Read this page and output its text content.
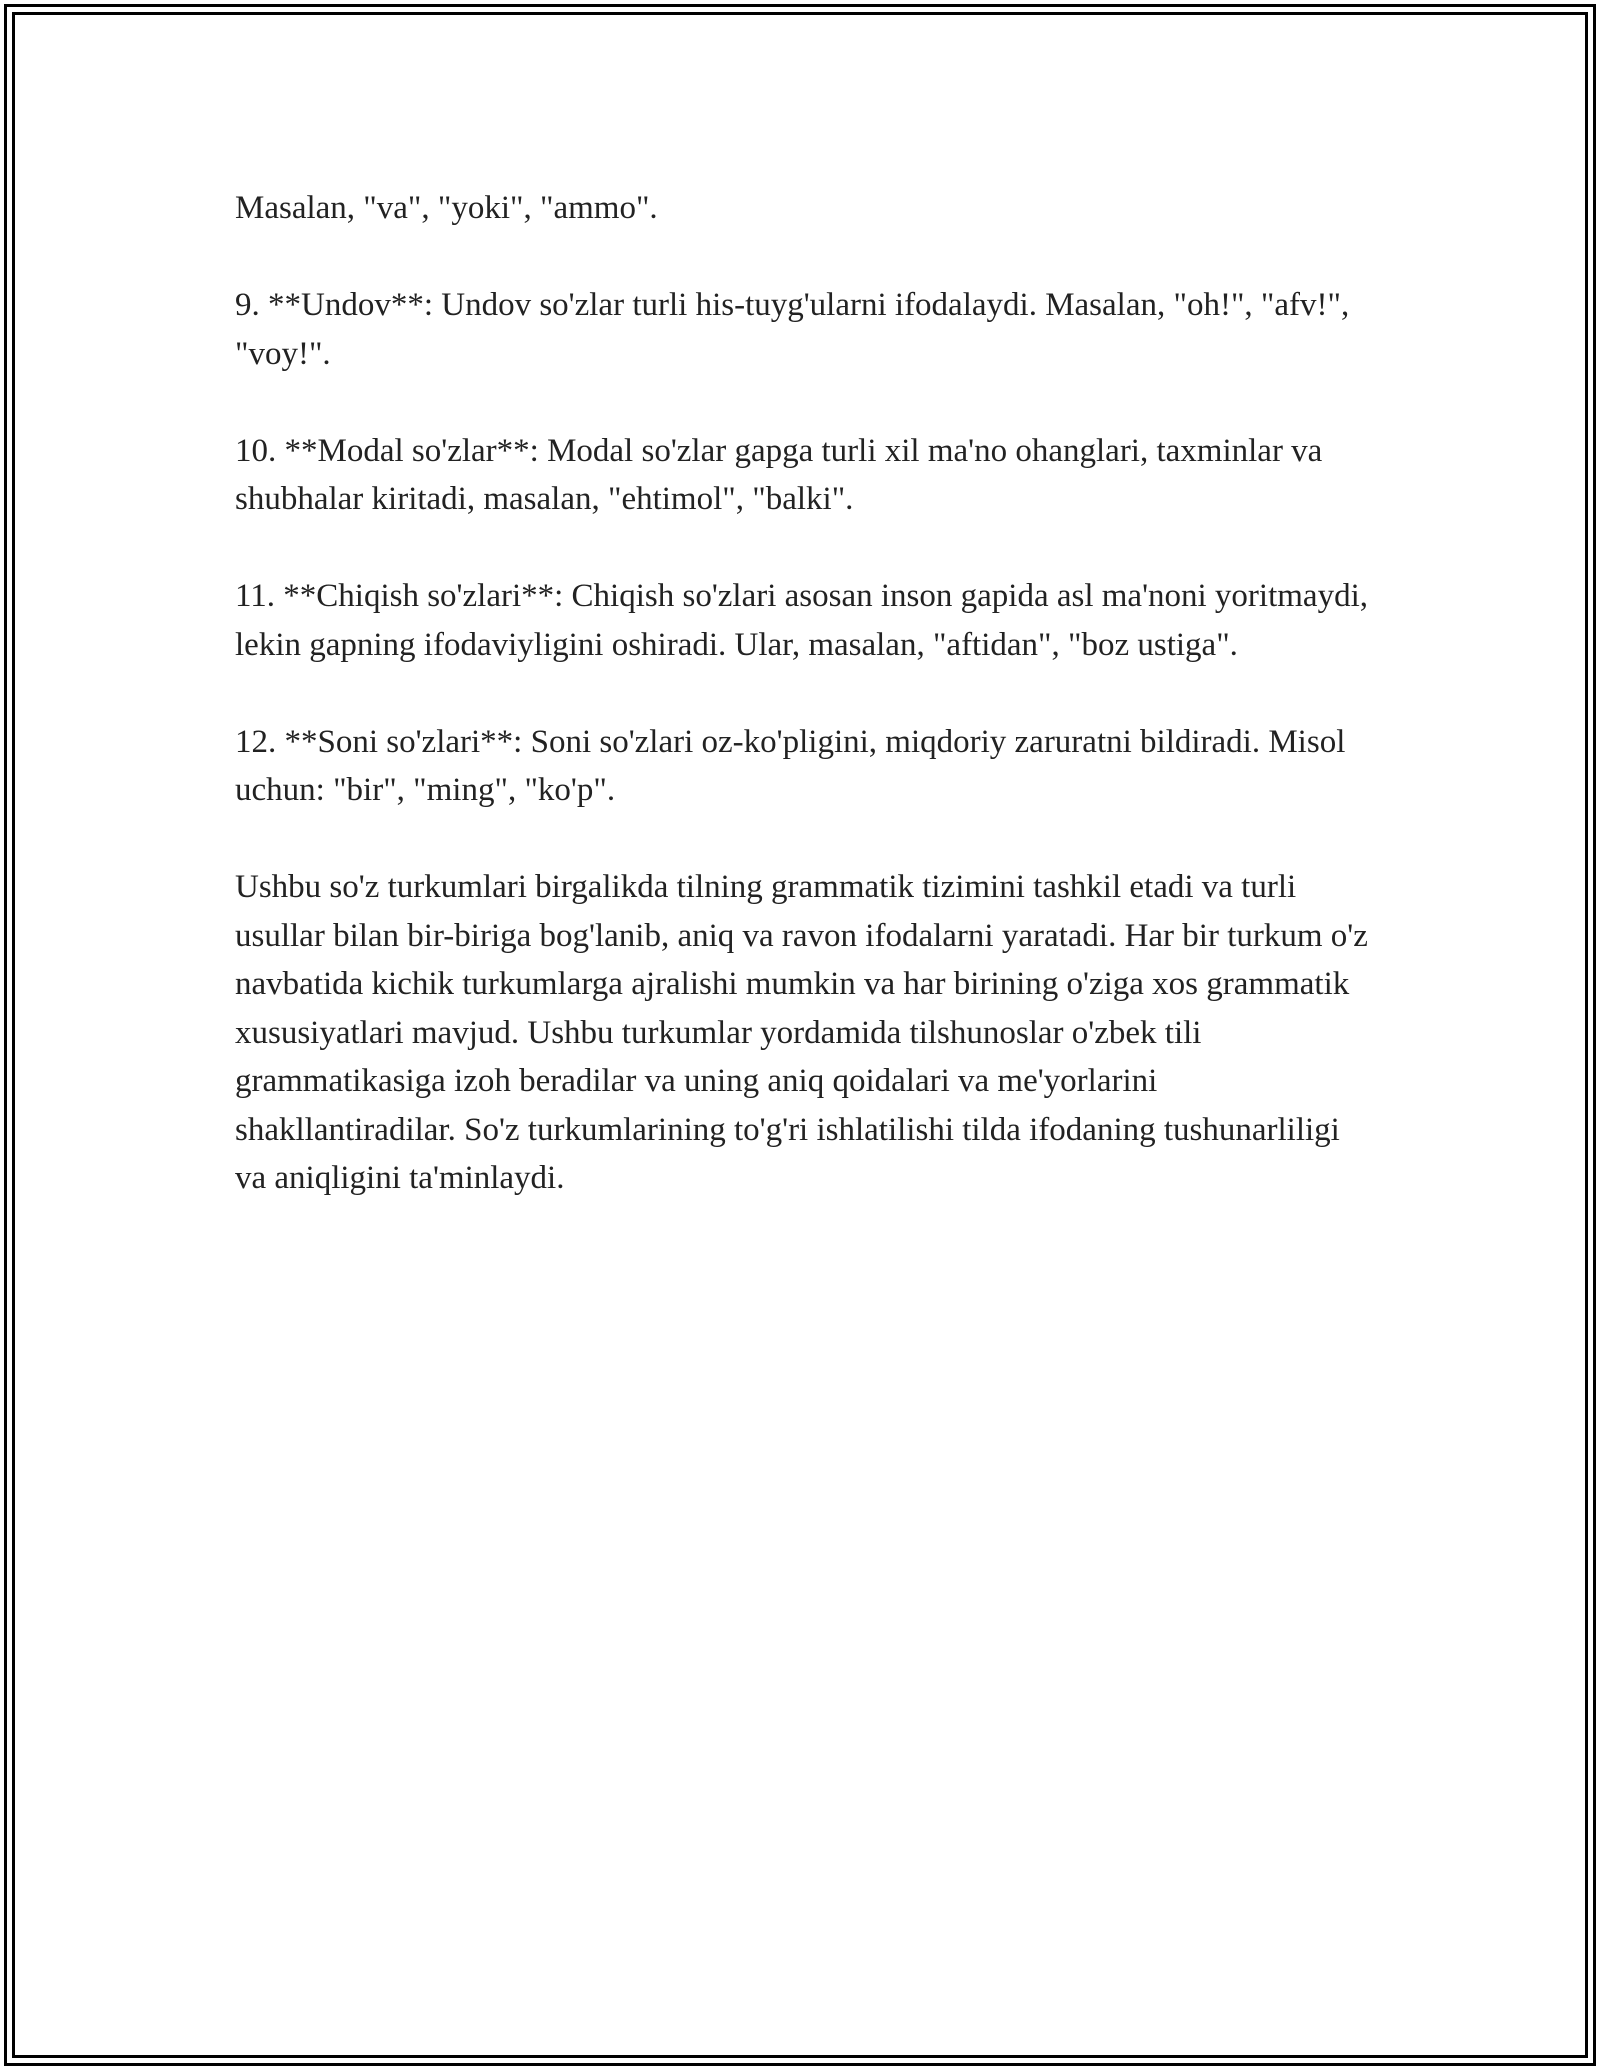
Masalan, "va", "yoki", "ammo".

9. **Undov**: Undov so'zlar turli his-tuyg'ularni ifodalaydi. Masalan, "oh!", "afv!", "voy!".

10. **Modal so'zlar**: Modal so'zlar gapga turli xil ma'no ohanglari, taxminlar va shubhalar kiritadi, masalan, "ehtimol", "balki".

11. **Chiqish so'zlari**: Chiqish so'zlari asosan inson gapida asl ma'noni yoritmaydi, lekin gapning ifodaviyligini oshiradi. Ular, masalan, "aftidan", "boz ustiga".

12. **Soni so'zlari**: Soni so'zlari oz-ko'pligini, miqdoriy zaruratni bildiradi. Misol uchun: "bir", "ming", "ko'p".

Ushbu so'z turkumlari birgalikda tilning grammatik tizimini tashkil etadi va turli usullar bilan bir-biriga bog'lanib, aniq va ravon ifodalarni yaratadi. Har bir turkum o'z navbatida kichik turkumlarga ajralishi mumkin va har birining o'ziga xos grammatik xususiyatlari mavjud. Ushbu turkumlar yordamida tilshunoslar o'zbek tili grammatikasiga izoh beradilar va uning aniq qoidalari va me'yorlarini shakllantiradilar. So'z turkumlarining to'g'ri ishlatilishi tilda ifodaning tushunarliligi va aniqligini ta'minlaydi.
